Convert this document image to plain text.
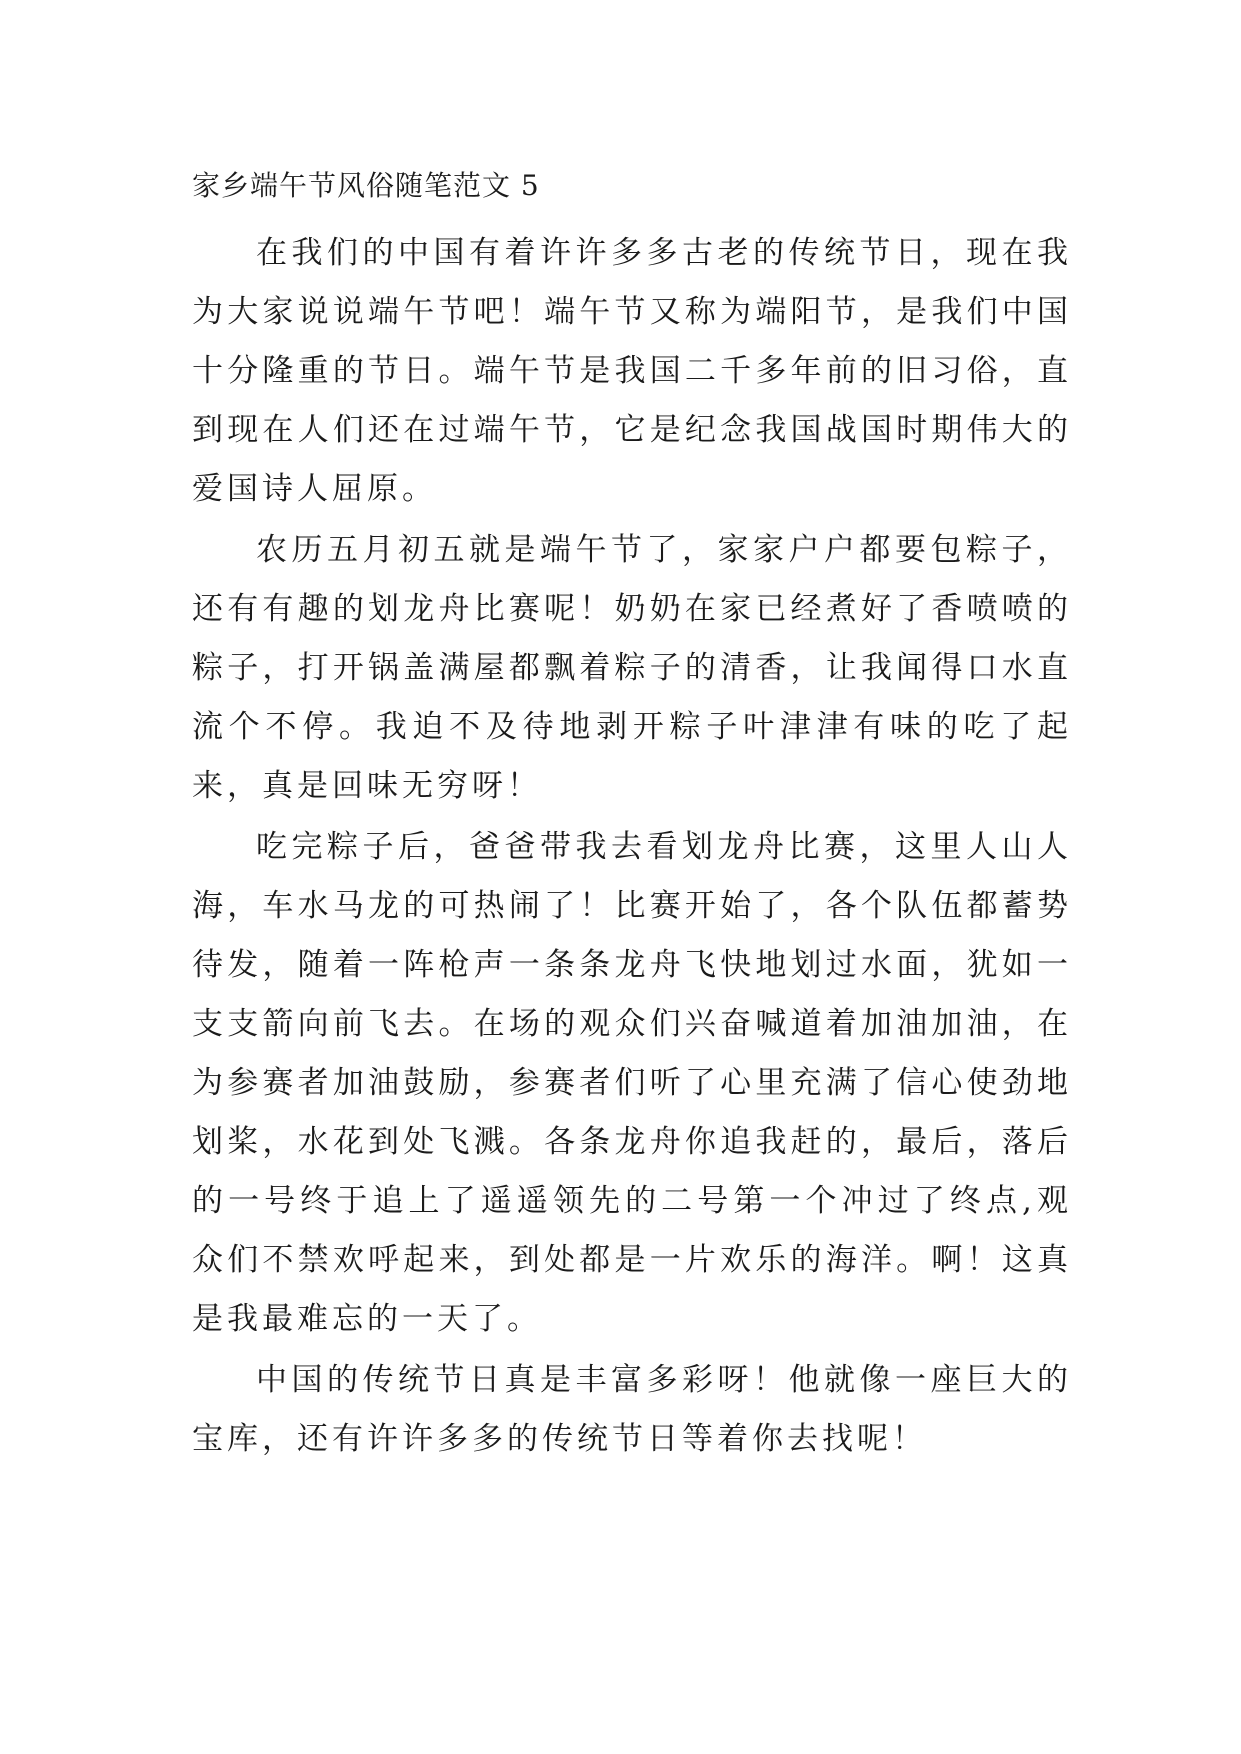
家乡端午节风俗随笔范文 5

在我们的中国有着许许多多古老的传统节日，现在我为大家说说端午节吧！端午节又称为端阳节，是我们中国十分隆重的节日。端午节是我国二千多年前的旧习俗，直到现在人们还在过端午节，它是纪念我国战国时期伟大的爱国诗人屈原。

农历五月初五就是端午节了，家家户户都要包粽子，还有有趣的划龙舟比赛呢！奶奶在家已经煮好了香喷喷的粽子，打开锅盖满屋都飘着粽子的清香，让我闻得口水直流个不停。我迫不及待地剥开粽子叶津津有味的吃了起来，真是回味无穷呀！

吃完粽子后，爸爸带我去看划龙舟比赛，这里人山人海，车水马龙的可热闹了！比赛开始了，各个队伍都蓄势待发，随着一阵枪声一条条龙舟飞快地划过水面，犹如一支支箭向前飞去。在场的观众们兴奋喊道着加油加油，在为参赛者加油鼓励，参赛者们听了心里充满了信心使劲地划桨，水花到处飞溅。各条龙舟你追我赶的，最后，落后的一号终于追上了遥遥领先的二号第一个冲过了终点,观众们不禁欢呼起来，到处都是一片欢乐的海洋。啊！这真是我最难忘的一天了。

中国的传统节日真是丰富多彩呀！他就像一座巨大的宝库，还有许许多多的传统节日等着你去找呢！
